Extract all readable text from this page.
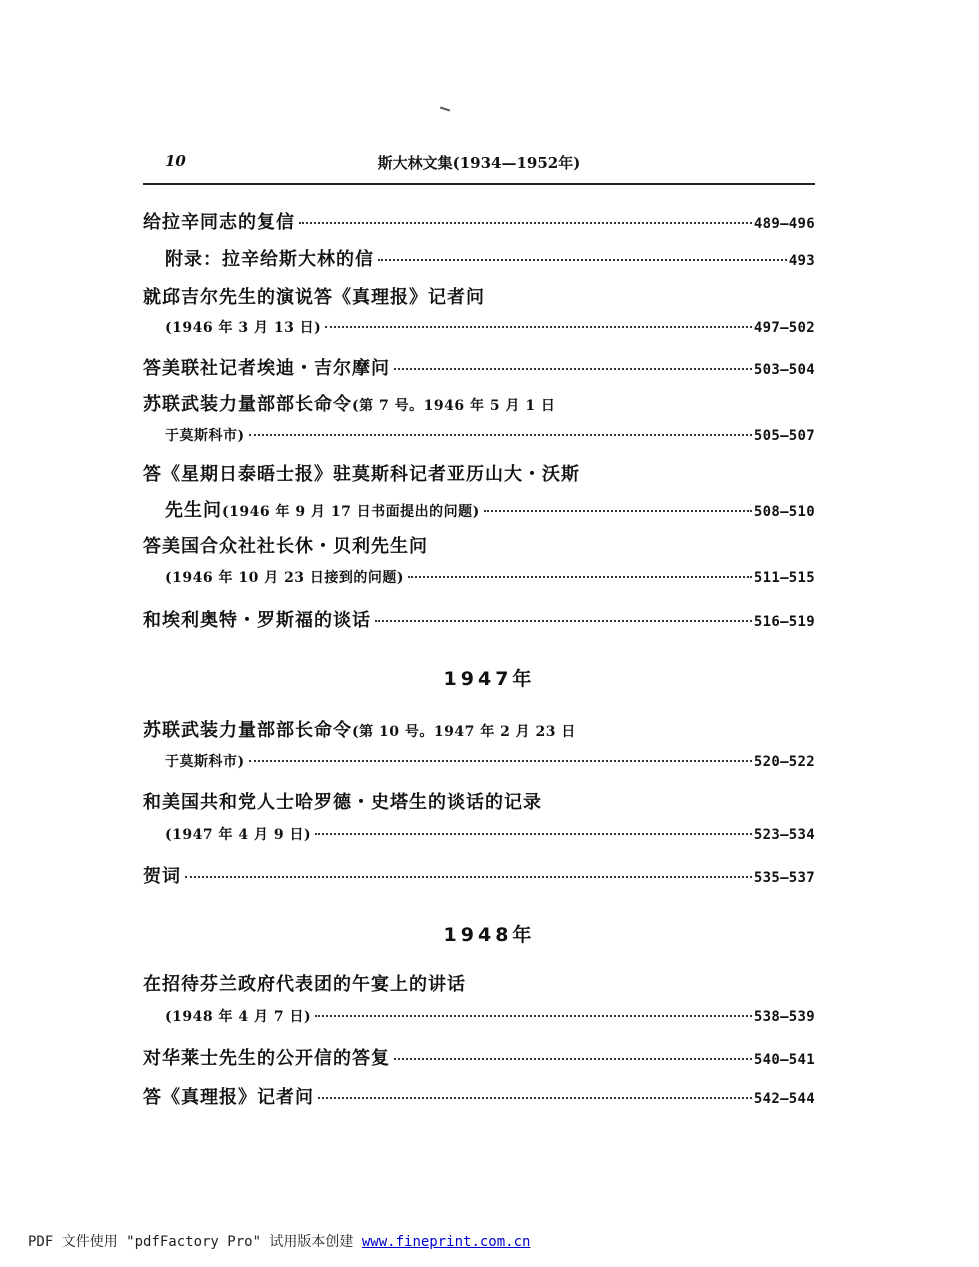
10	斯大林文集(1934—1952年)
给拉辛同志的复信	489—496
附录：拉辛给斯大林的信	493
就邱吉尔先生的演说答《真理报》记者问
(1946 年 3 月 13 日)	497—502
答美联社记者埃迪・吉尔摩问	503—504
苏联武装力量部部长命令 (第 7 号。1946 年 5 月 1 日
于莫斯科市)	505—507
答《星期日泰晤士报》驻莫斯科记者亚历山大・沃斯
先生问 (1946 年 9 月 17 日书面提出的问题)	508—510
答美国合众社社长休・贝利先生问
(1946 年 10 月 23 日接到的问题)	511—515
和埃利奥特・罗斯福的谈话	516—519
1947年
苏联武装力量部部长命令 (第 10 号。1947 年 2 月 23 日
于莫斯科市)	520—522
和美国共和党人士哈罗德・史塔生的谈话的记录
(1947 年 4 月 9 日)	523—534
贺词	535—537
1948年
在招待芬兰政府代表团的午宴上的讲话
(1948 年 4 月 7 日)	538—539
对华莱士先生的公开信的答复	540—541
答《真理报》记者问	542—544
PDF 文件使用 "pdfFactory Pro" 试用版本创建 www.fineprint.com.cn
